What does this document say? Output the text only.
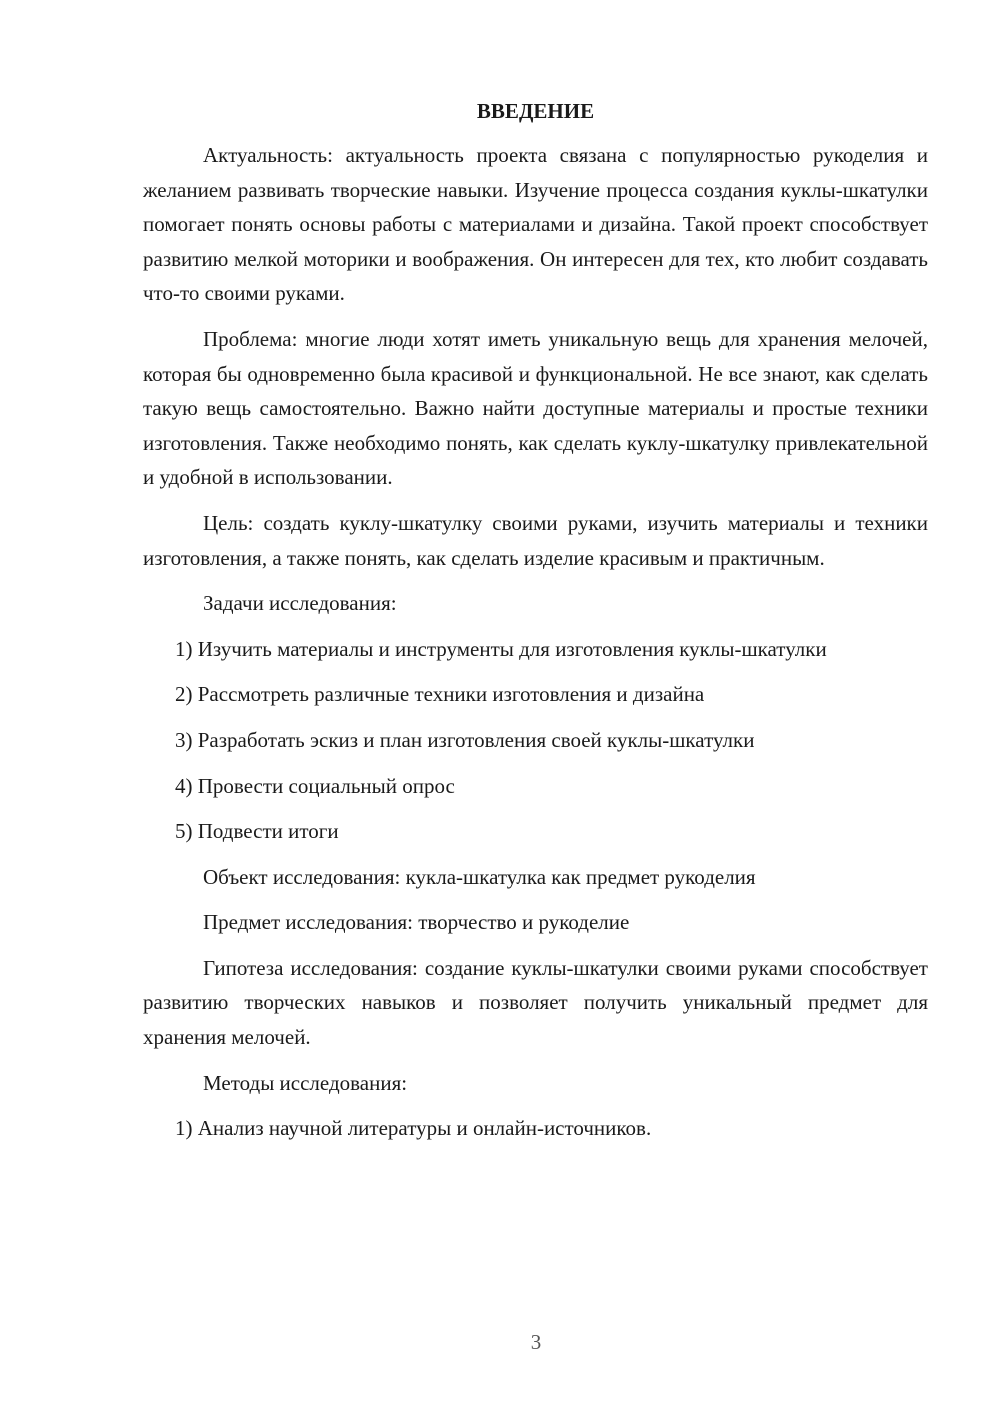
ВВЕДЕНИЕ

Актуальность: актуальность проекта связана с популярностью рукоделия и желанием развивать творческие навыки. Изучение процесса создания куклы-шкатулки помогает понять основы работы с материалами и дизайна. Такой проект способствует развитию мелкой моторики и воображения. Он интересен для тех, кто любит создавать что-то своими руками.

Проблема: многие люди хотят иметь уникальную вещь для хранения мелочей, которая бы одновременно была красивой и функциональной. Не все знают, как сделать такую вещь самостоятельно. Важно найти доступные материалы и простые техники изготовления. Также необходимо понять, как сделать куклу-шкатулку привлекательной и удобной в использовании.

Цель: создать куклу-шкатулку своими руками, изучить материалы и техники изготовления, а также понять, как сделать изделие красивым и практичным.

Задачи исследования:

1) Изучить материалы и инструменты для изготовления куклы-шкатулки

2) Рассмотреть различные техники изготовления и дизайна

3) Разработать эскиз и план изготовления своей куклы-шкатулки

4) Провести социальный опрос

5) Подвести итоги

Объект исследования: кукла-шкатулка как предмет рукоделия

Предмет исследования: творчество и рукоделие

Гипотеза исследования: создание куклы-шкатулки своими руками способствует развитию творческих навыков и позволяет получить уникальный предмет для хранения мелочей.

Методы исследования:

1) Анализ научной литературы и онлайн-источников.

3
